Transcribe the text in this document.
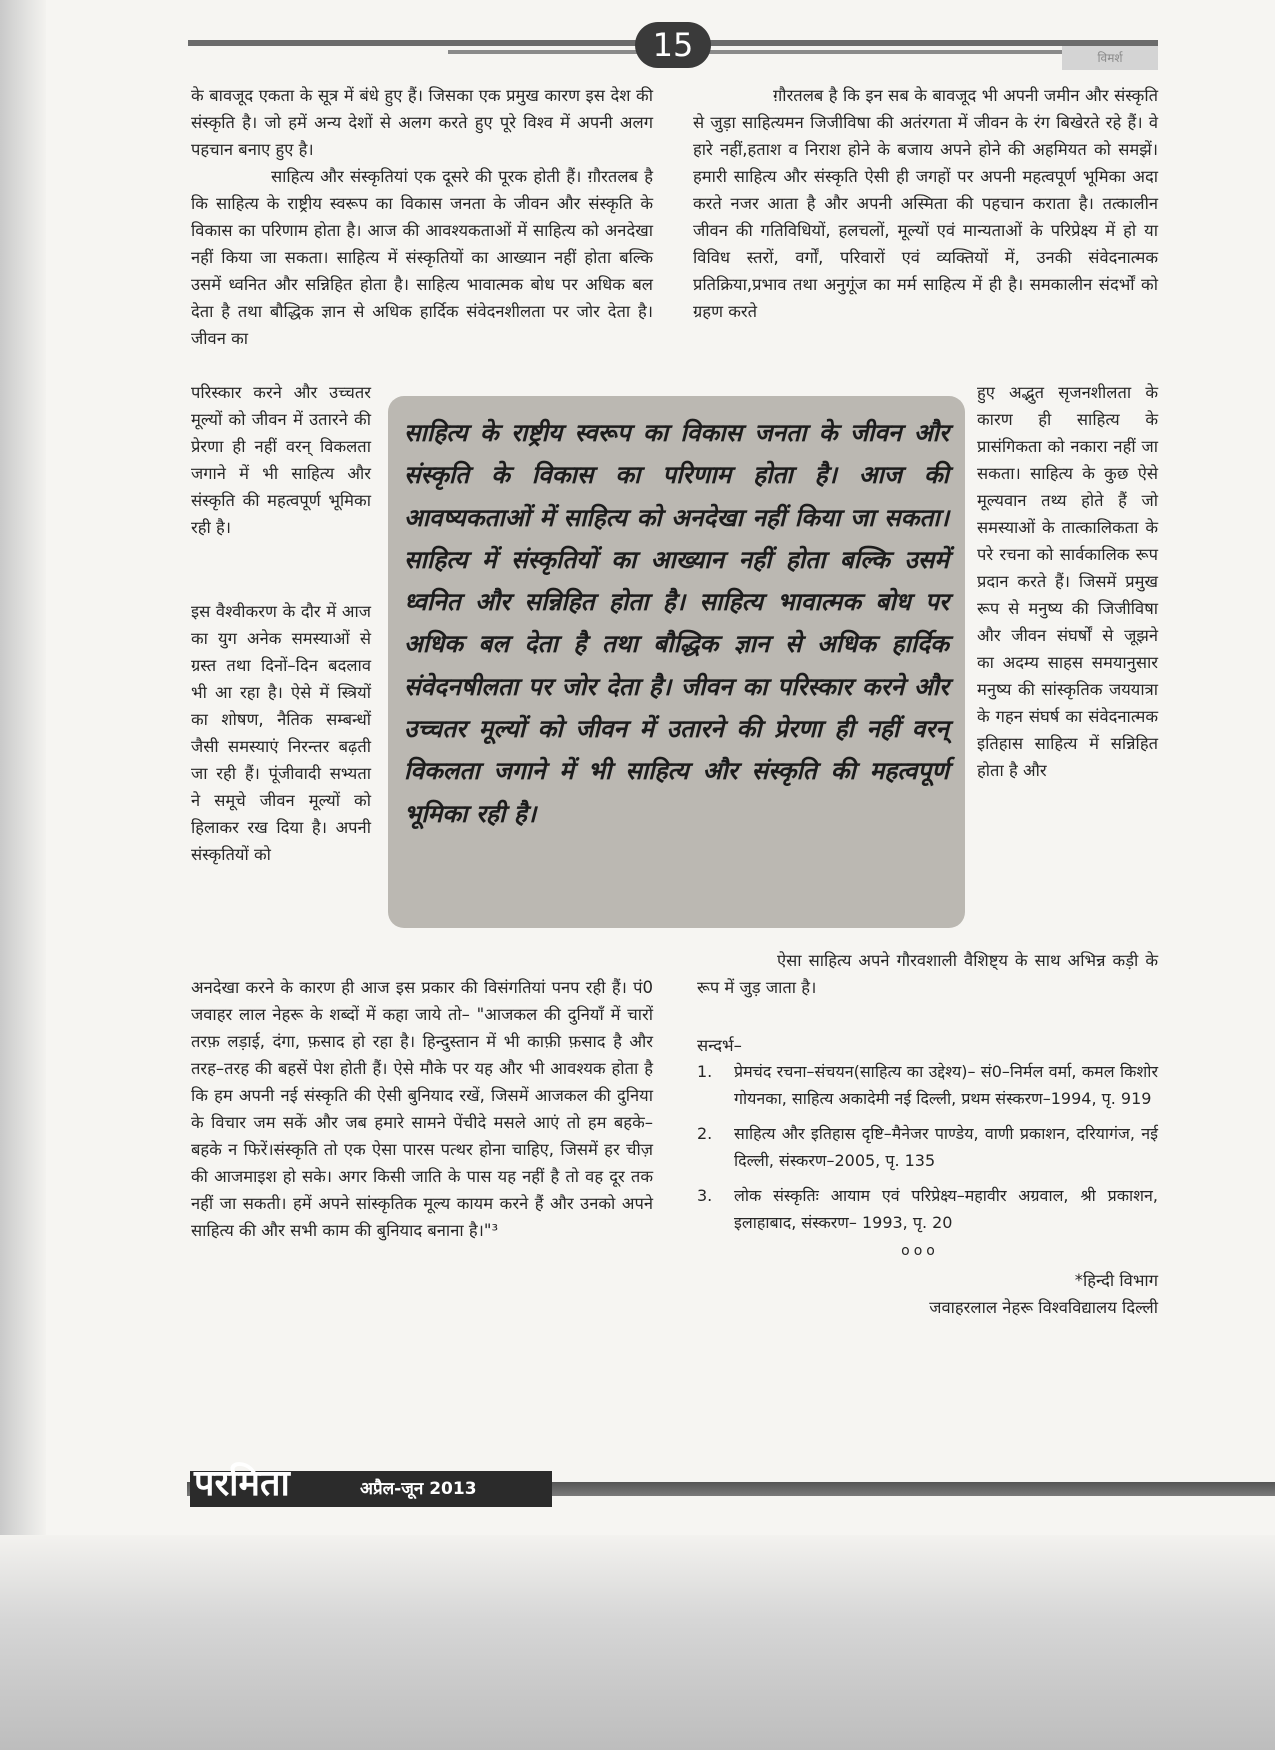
15	विमर्श

के बावजूद एकता के सूत्र में बंधे हुए हैं। जिसका एक प्रमुख कारण इस देश की संस्कृति है। जो हमें अन्य देशों से अलग करते हुए पूरे विश्व में अपनी अलग पहचान बनाए हुए है।

साहित्य और संस्कृतियां एक दूसरे की पूरक होती हैं। ग़ौरतलब है कि साहित्य के राष्ट्रीय स्वरूप का विकास जनता के जीवन और संस्कृति के विकास का परिणाम होता है। आज की आवश्यकताओं में साहित्य को अनदेखा नहीं किया जा सकता। साहित्य में संस्कृतियों का आख्यान नहीं होता बल्कि उसमें ध्वनित और सन्निहित होता है। साहित्य भावात्मक बोध पर अधिक बल देता है तथा बौद्धिक ज्ञान से अधिक हार्दिक संवेदनशीलता पर जोर देता है। जीवन का

परिस्कार करने और उच्चतर मूल्यों को जीवन में उतारने की प्रेरणा ही नहीं वरन् विकलता जगाने में भी साहित्य और संस्कृति की महत्वपूर्ण भूमिका रही है।

इस वैश्वीकरण के दौर में आज का युग अनेक समस्याओं से ग्रस्त तथा दिनों–दिन बदलाव भी आ रहा है। ऐसे में स्त्रियों का शोषण, नैतिक सम्बन्धों जैसी समस्याएं निरन्तर बढ़ती जा रही हैं। पूंजीवादी सभ्यता ने समूचे जीवन मूल्यों को हिलाकर रख दिया है। अपनी संस्कृतियों को

अनदेखा करने के कारण ही आज इस प्रकार की विसंगतियां पनप रही हैं। पं0 जवाहर लाल नेहरू के शब्दों में कहा जाये तो– "आजकल की दुनियाँ में चारों तरफ़ लड़ाई, दंगा, फ़साद हो रहा है। हिन्दुस्तान में भी काफ़ी फ़साद है और तरह–तरह की बहसें पेश होती हैं। ऐसे मौके पर यह और भी आवश्यक होता है कि हम अपनी नई संस्कृति की ऐसी बुनियाद रखें, जिसमें आजकल की दुनिया के विचार जम सकें और जब हमारे सामने पेंचीदे मसले आएं तो हम बहके–बहके न फिरें।संस्कृति तो एक ऐसा पारस पत्थर होना चाहिए, जिसमें हर चीज़ की आजमाइश हो सके। अगर किसी जाति के पास यह नहीं है तो वह दूर तक नहीं जा सकती। हमें अपने सांस्कृतिक मूल्य कायम करने हैं और उनको अपने साहित्य की और सभी काम की बुनियाद बनाना है।"³

ग़ौरतलब है कि इन सब के बावजूद भी अपनी जमीन और संस्कृति से जुड़ा साहित्यमन जिजीविषा की अतंरगता में जीवन के रंग बिखेरते रहे हैं। वे हारे नहीं,हताश व निराश होने के बजाय अपने होने की अहमियत को समझें। हमारी साहित्य और संस्कृति ऐसी ही जगहों पर अपनी महत्वपूर्ण भूमिका अदा करते नजर आता है और अपनी अस्मिता की पहचान कराता है। तत्कालीन जीवन की गतिविधियों, हलचलों, मूल्यों एवं मान्यताओं के परिप्रेक्ष्य में हो या विविध स्तरों, वर्गों, परिवारों एवं व्यक्तियों में, उनकी संवेदनात्मक प्रतिक्रिया,प्रभाव तथा अनुगूंज का मर्म साहित्य में ही है। समकालीन संदर्भों को ग्रहण करते

हुए अद्भुत सृजनशीलता के कारण ही साहित्य के प्रासंगिकता को नकारा नहीं जा सकता। साहित्य के कुछ ऐसे मूल्यवान तथ्य होते हैं जो समस्याओं के तात्कालिकता के परे रचना को सार्वकालिक रूप प्रदान करते हैं। जिसमें प्रमुख रूप से मनुष्य की जिजीविषा और जीवन संघर्षों से जूझने का अदम्य साहस समयानुसार मनुष्य की सांस्कृतिक जययात्रा के गहन संघर्ष का संवेदनात्मक इतिहास साहित्य में सन्निहित होता है और

ऐसा साहित्य अपने गौरवशाली वैशिष्ट्य के साथ अभिन्न कड़ी के रूप में जुड़ जाता है।

साहित्य के राष्ट्रीय स्वरूप का विकास जनता के जीवन और संस्कृति के विकास का परिणाम होता है। आज की आवष्यकताओं में साहित्य को अनदेखा नहीं किया जा सकता। साहित्य में संस्कृतियों का आख्यान नहीं होता बल्कि उसमें ध्वनित और सन्निहित होता है। साहित्य भावात्मक बोध पर अधिक बल देता है तथा बौद्धिक ज्ञान से अधिक हार्दिक संवेदनषीलता पर जोर देता है। जीवन का परिस्कार करने और उच्चतर मूल्यों को जीवन में उतारने की प्रेरणा ही नहीं वरन् विकलता जगाने में भी साहित्य और संस्कृति की महत्वपूर्ण भूमिका रही है।

सन्दर्भ–
1. प्रेमचंद रचना–संचयन(साहित्य का उद्देश्य)– सं0–निर्मल वर्मा, कमल किशोर गोयनका, साहित्य अकादेमी नई दिल्ली, प्रथम संस्करण–1994, पृ. 919
2. साहित्य और इतिहास दृष्टि–मैनेजर पाण्डेय, वाणी प्रकाशन, दरियागंज, नई दिल्ली, संस्करण–2005, पृ. 135
3. लोक संस्कृतिः आयाम एवं परिप्रेक्ष्य–महावीर अग्रवाल, श्री प्रकाशन, इलाहाबाद, संस्करण– 1993, पृ. 20
ooo
*हिन्दी विभाग
जवाहरलाल नेहरू विश्वविद्यालय दिल्ली
परमिता	अप्रैल-जून 2013
